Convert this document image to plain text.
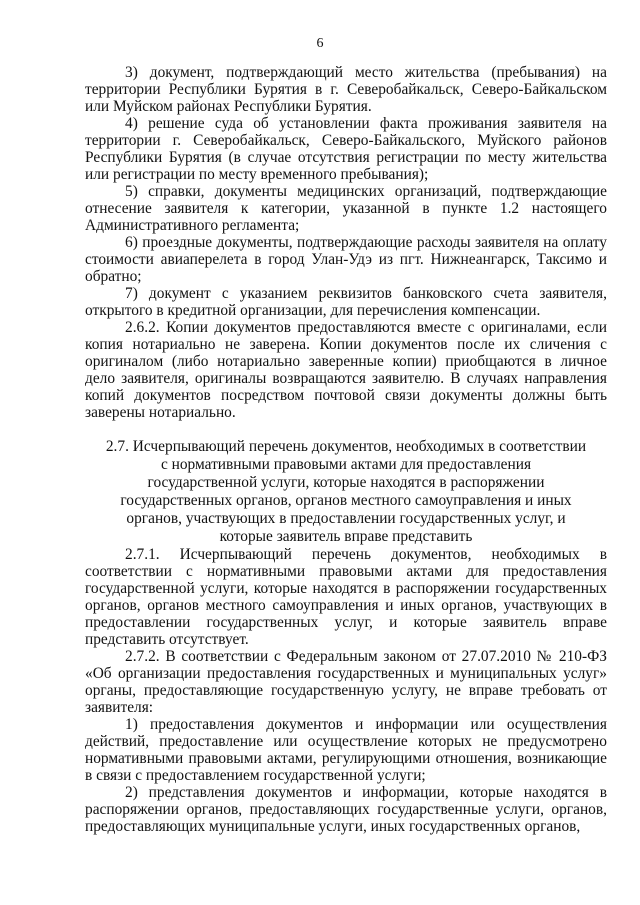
6

3) документ, подтверждающий место жительства (пребывания) на территории Республики Бурятия в г. Северобайкальск, Северо-Байкальском или Муйском районах Республики Бурятия.

4) решение суда об установлении факта проживания заявителя на территории г. Северобайкальск, Северо-Байкальского, Муйского районов Республики Бурятия (в случае отсутствия регистрации по месту жительства или регистрации по месту временного пребывания);

5) справки, документы медицинских организаций, подтверждающие отнесение заявителя к категории, указанной в пункте 1.2 настоящего Административного регламента;

6) проездные документы, подтверждающие расходы заявителя на оплату стоимости авиаперелета в город Улан-Удэ из пгт. Нижнеангарск, Таксимо и обратно;

7) документ с указанием реквизитов банковского счета заявителя, открытого в кредитной организации, для перечисления компенсации.

2.6.2. Копии документов предоставляются вместе с оригиналами, если копия нотариально не заверена. Копии документов после их сличения с оригиналом (либо нотариально заверенные копии) приобщаются в личное дело заявителя, оригиналы возвращаются заявителю. В случаях направления копий документов посредством почтовой связи документы должны быть заверены нотариально.

2.7. Исчерпывающий перечень документов, необходимых в соответствии с нормативными правовыми актами для предоставления государственной услуги, которые находятся в распоряжении государственных органов, органов местного самоуправления и иных органов, участвующих в предоставлении государственных услуг, и которые заявитель вправе представить

2.7.1. Исчерпывающий перечень документов, необходимых в соответствии с нормативными правовыми актами для предоставления государственной услуги, которые находятся в распоряжении государственных органов, органов местного самоуправления и иных органов, участвующих в предоставлении государственных услуг, и которые заявитель вправе представить отсутствует.

2.7.2. В соответствии с Федеральным законом от 27.07.2010 № 210-ФЗ «Об организации предоставления государственных и муниципальных услуг» органы, предоставляющие государственную услугу, не вправе требовать от заявителя:

1) предоставления документов и информации или осуществления действий, предоставление или осуществление которых не предусмотрено нормативными правовыми актами, регулирующими отношения, возникающие в связи с предоставлением государственной услуги;

2) представления документов и информации, которые находятся в распоряжении органов, предоставляющих государственные услуги, органов, предоставляющих муниципальные услуги, иных государственных органов,
